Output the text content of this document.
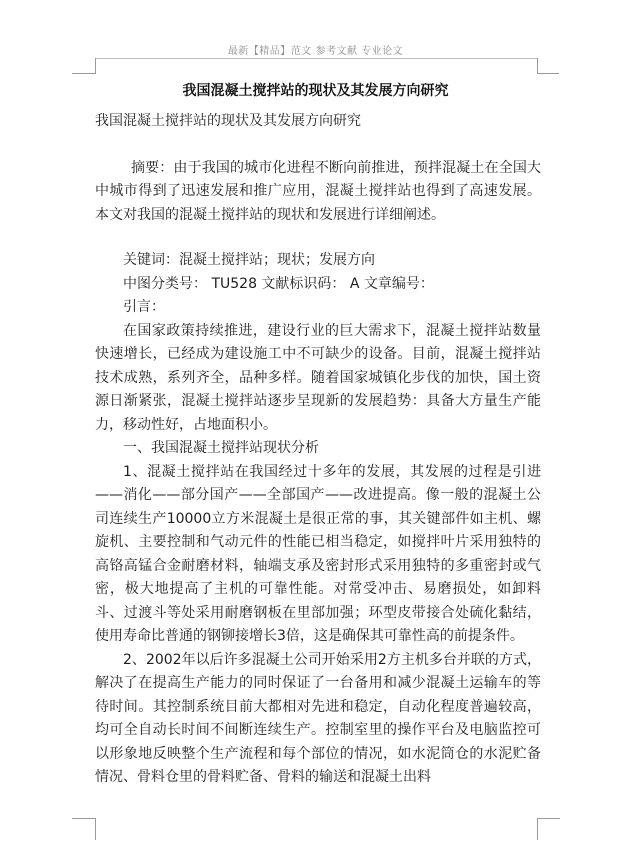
最新【精品】范文 参考文献 专业论文
我国混凝土搅拌站的现状及其发展方向研究

我国混凝土搅拌站的现状及其发展方向研究

摘要：由于我国的城市化进程不断向前推进，预拌混凝土在全国大中城市得到了迅速发展和推广应用，混凝土搅拌站也得到了高速发展。本文对我国的混凝土搅拌站的现状和发展进行详细阐述。

关键词：混凝土搅拌站；现状；发展方向

中图分类号： TU528 文献标识码： A 文章编号：

引言：

在国家政策持续推进，建设行业的巨大需求下，混凝土搅拌站数量快速增长，已经成为建设施工中不可缺少的设备。目前，混凝土搅拌站技术成熟，系列齐全，品种多样。随着国家城镇化步伐的加快，国土资源日渐紧张，混凝土搅拌站逐步呈现新的发展趋势：具备大方量生产能力，移动性好，占地面积小。

一、我国混凝土搅拌站现状分析

1、混凝土搅拌站在我国经过十多年的发展，其发展的过程是引进——消化——部分国产——全部国产——改进提高。像一般的混凝土公司连续生产10000立方米混凝土是很正常的事，其关键部件如主机、螺旋机、主要控制和气动元件的性能已相当稳定，如搅拌叶片采用独特的高铬高锰合金耐磨材料，轴端支承及密封形式采用独特的多重密封或气密，极大地提高了主机的可靠性能。对常受冲击、易磨损处，如卸料斗、过渡斗等处采用耐磨钢板在里部加强；环型皮带接合处硫化黏结，使用寿命比普通的钢铆接增长3倍，这是确保其可靠性高的前提条件。

2、2002年以后许多混凝土公司开始采用2方主机多台并联的方式，解决了在提高生产能力的同时保证了一台备用和减少混凝土运输车的等待时间。其控制系统目前大都相对先进和稳定，自动化程度普遍较高，均可全自动长时间不间断连续生产。控制室里的操作平台及电脑监控可以形象地反映整个生产流程和每个部位的情况，如水泥筒仓的水泥贮备情况、骨料仓里的骨料贮备、骨料的输送和混凝土出料
